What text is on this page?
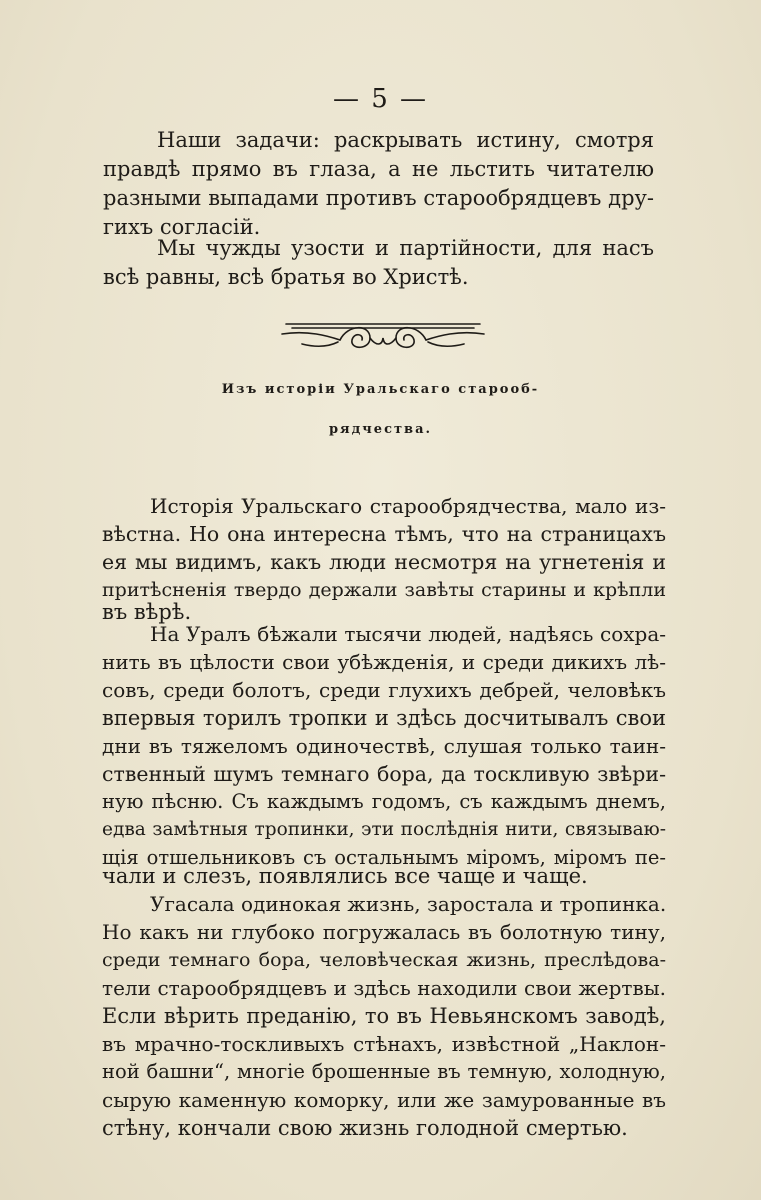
— 5 —
Наши задачи: раскрывать истину, смотря
правдѣ прямо въ глаза, а не льстить читателю
разными выпадами противъ старообрядцевъ дру-
гихъ согласій.
Мы чужды узости и партійности, для насъ
всѣ равны, всѣ братья во Христѣ.
Изъ исторіи Уральскаго старооб-
рядчества.
Исторія Уральскаго старообрядчества, мало из-
вѣстна. Но она интересна тѣмъ, что на страницахъ
ея мы видимъ, какъ люди несмотря на угнетенія и
притѣсненія твердо держали завѣты старины и крѣпли
въ вѣрѣ.
На Уралъ бѣжали тысячи людей, надѣясь сохра-
нить въ цѣлости свои убѣжденія, и среди дикихъ лѣ-
совъ, среди болотъ, среди глухихъ дебрей, человѣкъ
впервыя торилъ тропки и здѣсь досчитывалъ свои
дни въ тяжеломъ одиночествѣ, слушая только таин-
ственный шумъ темнаго бора, да тоскливую звѣри-
ную пѣсню. Съ каждымъ годомъ, съ каждымъ днемъ,
едва замѣтныя тропинки, эти послѣднія нити, связываю-
щія отшельниковъ съ остальнымъ міромъ, міромъ пе-
чали и слезъ, появлялись все чаще и чаще.
Угасала одинокая жизнь, заростала и тропинка.
Но какъ ни глубоко погружалась въ болотную тину,
среди темнаго бора, человѣческая жизнь, преслѣдова-
тели старообрядцевъ и здѣсь находили свои жертвы.
Если вѣрить преданію, то въ Невьянскомъ заводѣ,
въ мрачно-тоскливыхъ стѣнахъ, извѣстной „Наклон-
ной башни“, многіе брошенные въ темную, холодную,
сырую каменную коморку, или же замурованные въ
стѣну, кончали свою жизнь голодной смертью.
